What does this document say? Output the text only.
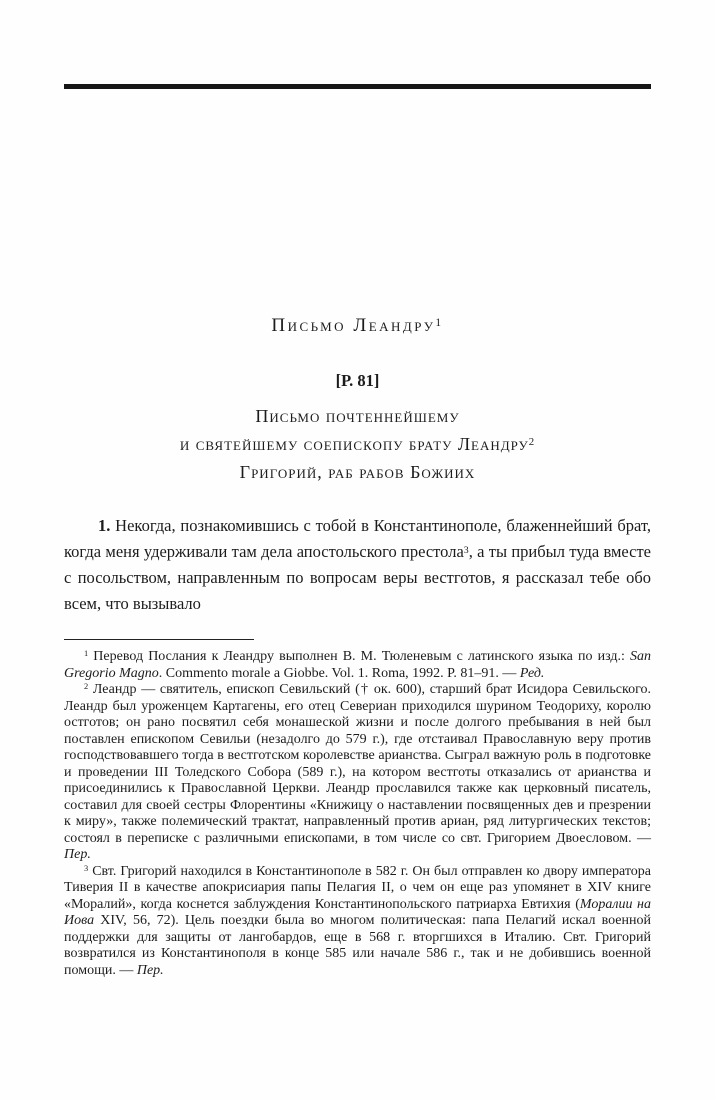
Письмо Леандру$^1$
[Р. 81]
Письмо почтеннейшему
и святейшему соепископу брату Леандру$^2$
Григорий, раб рабов Божиих

1. Некогда, познакомившись с тобой в Константинополе, блаженнейший брат, когда меня удерживали там дела апостольского престола$^3$, а ты прибыл туда вместе с посольством, направленным по вопросам веры вестготов, я рассказал тебе обо всем, что вызывало

$^1$ Перевод Послания к Леандру выполнен В. М. Тюленевым с латинского языка по изд.: San Gregorio Magno. Commento morale a Giobbe. Vol. 1. Roma, 1992. P. 81–91. — Ред.

$^2$ Леандр — святитель, епископ Севильский († ок. 600), старший брат Исидора Севильского. Леандр был уроженцем Картагены, его отец Севериан приходился шурином Теодориху, королю остготов; он рано посвятил себя монашеской жизни и после долгого пребывания в ней был поставлен епископом Севильи (незадолго до 579 г.), где отстаивал Православную веру против господствовавшего тогда в вестготском королевстве арианства. Сыграл важную роль в подготовке и проведении III Толедского Собора (589 г.), на котором вестготы отказались от арианства и присоединились к Православной Церкви. Леандр прославился также как церковный писатель, составил для своей сестры Флорентины «Книжицу о наставлении посвященных дев и презрении к миру», также полемический трактат, направленный против ариан, ряд литургических текстов; состоял в переписке с различными епископами, в том числе со свт. Григорием Двоесловом. — Пер.

$^3$ Свт. Григорий находился в Константинополе в 582 г. Он был отправлен ко двору императора Тиверия II в качестве апокрисиария папы Пелагия II, о чем он еще раз упомянет в XIV книге «Моралий», когда коснется заблуждения Константинопольского патриарха Евтихия (Моралии на Иова XIV, 56, 72). Цель поездки была во многом политическая: папа Пелагий искал военной поддержки для защиты от лангобардов, еще в 568 г. вторгшихся в Италию. Свт. Григорий возвратился из Константинополя в конце 585 или начале 586 г., так и не добившись военной помощи. — Пер.
